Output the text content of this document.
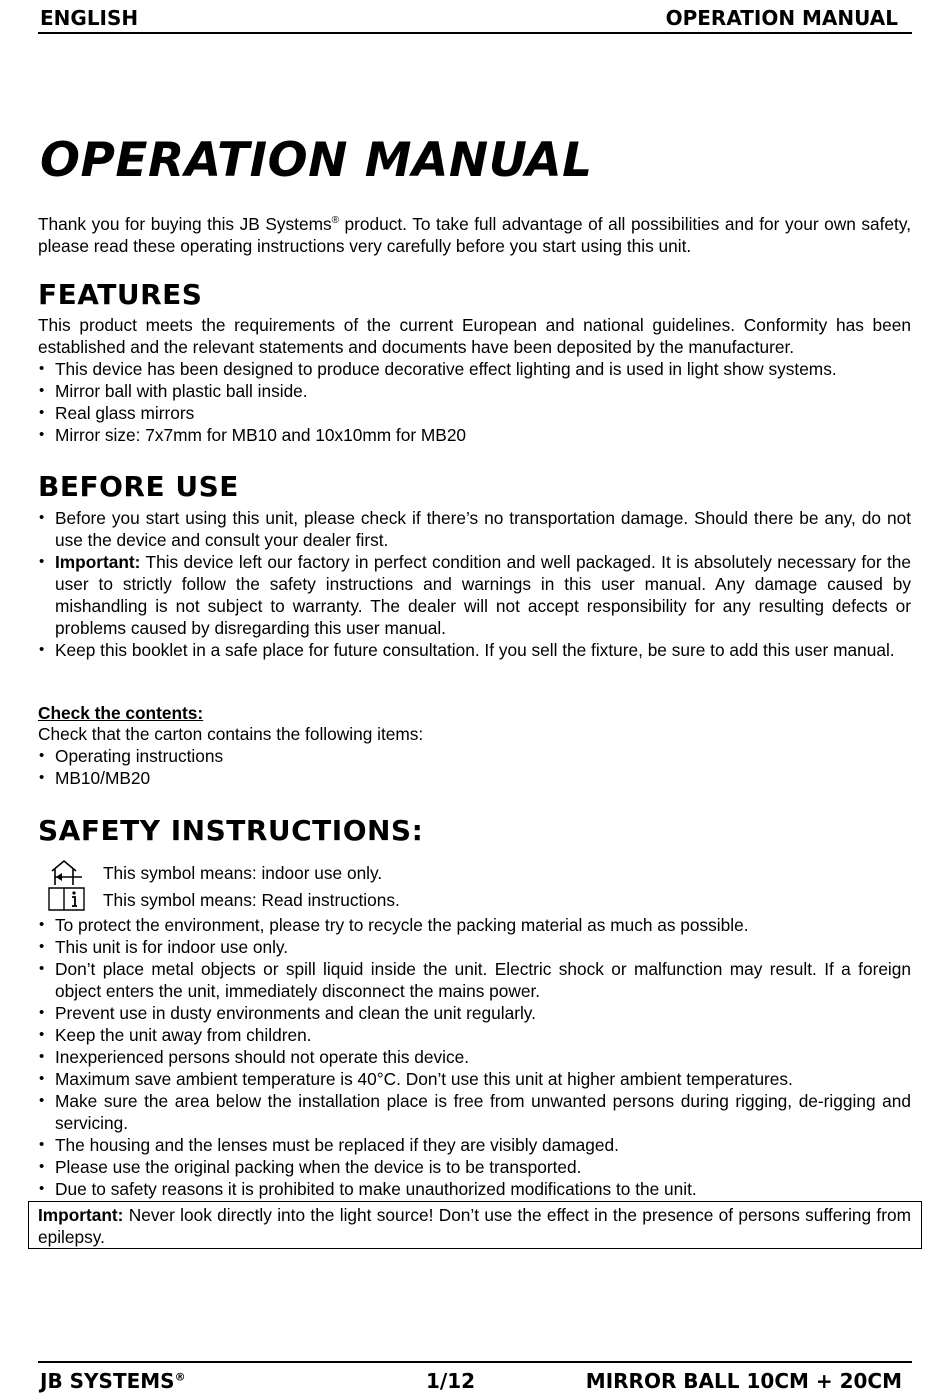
ENGLISH	OPERATION MANUAL
OPERATION MANUAL
Thank you for buying this JB Systems® product. To take full advantage of all possibilities and for your own safety, please read these operating instructions very carefully before you start using this unit.
FEATURES
This product meets the requirements of the current European and national guidelines. Conformity has been established and the relevant statements and documents have been deposited by the manufacturer.
• This device has been designed to produce decorative effect lighting and is used in light show systems.
• Mirror ball with plastic ball inside.
• Real glass mirrors
• Mirror size: 7x7mm for MB10 and 10x10mm for MB20
BEFORE USE
• Before you start using this unit, please check if there’s no transportation damage. Should there be any, do not use the device and consult your dealer first.
• Important: This device left our factory in perfect condition and well packaged. It is absolutely necessary for the user to strictly follow the safety instructions and warnings in this user manual. Any damage caused by mishandling is not subject to warranty. The dealer will not accept responsibility for any resulting defects or problems caused by disregarding this user manual.
• Keep this booklet in a safe place for future consultation. If you sell the fixture, be sure to add this user manual.
Check the contents:
Check that the carton contains the following items:
• Operating instructions
• MB10/MB20
SAFETY INSTRUCTIONS:
This symbol means: indoor use only.
This symbol means: Read instructions.
• To protect the environment, please try to recycle the packing material as much as possible.
• This unit is for indoor use only.
• Don’t place metal objects or spill liquid inside the unit. Electric shock or malfunction may result. If a foreign object enters the unit, immediately disconnect the mains power.
• Prevent use in dusty environments and clean the unit regularly.
• Keep the unit away from children.
• Inexperienced persons should not operate this device.
• Maximum save ambient temperature is 40°C. Don’t use this unit at higher ambient temperatures.
• Make sure the area below the installation place is free from unwanted persons during rigging, de-rigging and servicing.
• The housing and the lenses must be replaced if they are visibly damaged.
• Please use the original packing when the device is to be transported.
• Due to safety reasons it is prohibited to make unauthorized modifications to the unit.
Important: Never look directly into the light source! Don’t use the effect in the presence of persons suffering from epilepsy.
JB SYSTEMS®	1/12	MIRROR BALL 10CM + 20CM
